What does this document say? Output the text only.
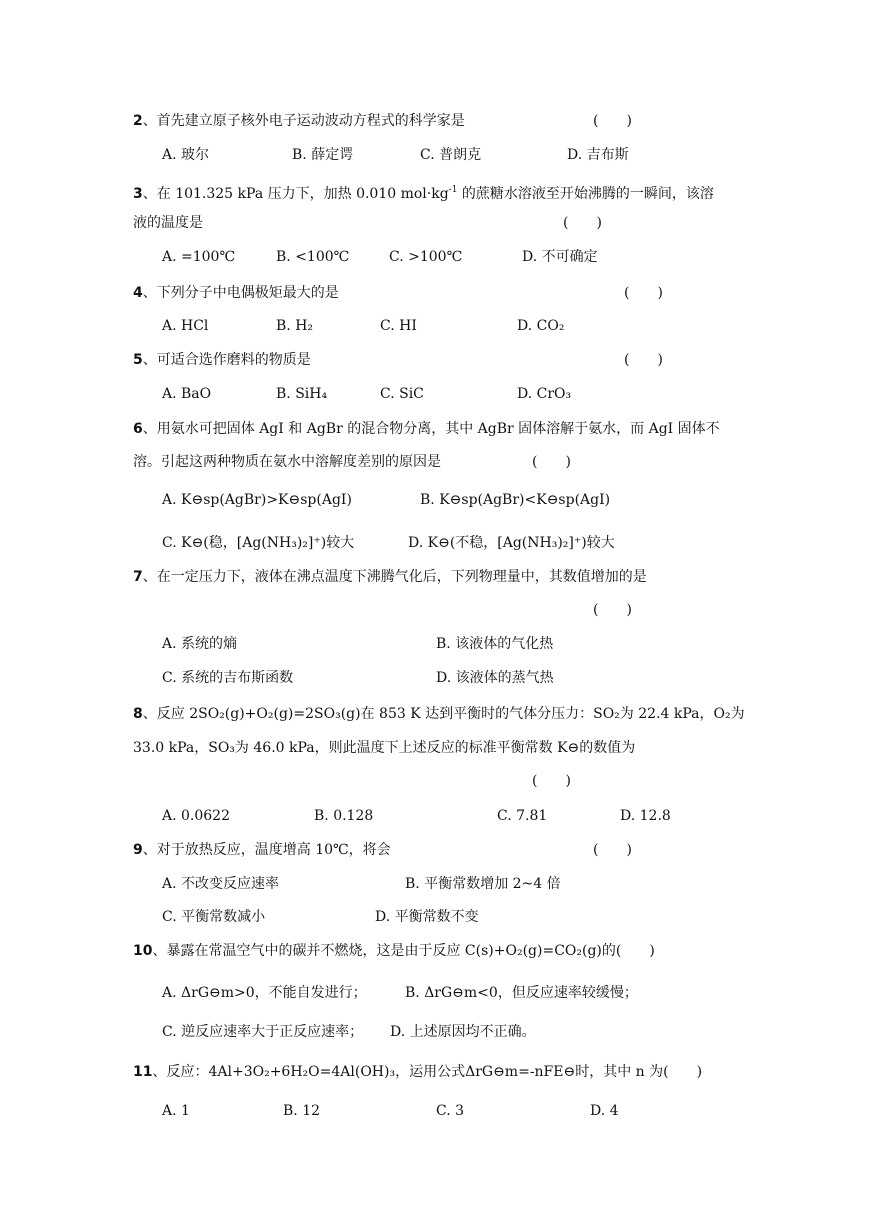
2、首先建立原子核外电子运动波动方程式的科学家是	(　　)
A. 玻尔	B. 薛定谔	C. 普朗克	D. 吉布斯
3、在 101.325 kPa 压力下，加热 0.010 $mol\cdot kg^{-1}$ 的蔗糖水溶液至开始沸腾的一瞬间，该溶
液的温度是	(　　)
A. =100℃	B. <100℃	C. >100℃	D. 不可确定
4、下列分子中电偶极矩最大的是	(　　)
A. HCl	B. H₂	C. HI	D. CO₂
5、可适合选作磨料的物质是	(　　)
A. BaO	B. SiH₄	C. SiC	D. CrO₃
6、用氨水可把固体 AgI 和 AgBr 的混合物分离，其中 AgBr 固体溶解于氨水，而 AgI 固体不
溶。引起这两种物质在氨水中溶解度差别的原因是	(　　)
A. K⊖sp(AgBr)>K⊖sp(AgI)	B. K⊖sp(AgBr)<K⊖sp(AgI)
C. K⊖(稳，[Ag(NH₃)₂]⁺)较大	D. K⊖(不稳，[Ag(NH₃)₂]⁺)较大
7、在一定压力下，液体在沸点温度下沸腾气化后，下列物理量中，其数值增加的是
(　　)
A. 系统的熵	B. 该液体的气化热
C. 系统的吉布斯函数	D. 该液体的蒸气热
8、反应 2SO₂(g)+O₂(g)=2SO₃(g)在 853 K 达到平衡时的气体分压力：SO₂为 22.4 kPa，O₂为
33.0 kPa，SO₃为 46.0 kPa，则此温度下上述反应的标准平衡常数 K⊖的数值为
(　　)
A. 0.0622	B. 0.128	C. 7.81	D. 12.8
9、对于放热反应，温度增高 10℃，将会	(　　)
A. 不改变反应速率	B. 平衡常数增加 2~4 倍
C. 平衡常数减小	D. 平衡常数不变
10、暴露在常温空气中的碳并不燃烧，这是由于反应 C(s)+O₂(g)=CO₂(g)的(　　)
A. ΔrG⊖m>0，不能自发进行；	B. ΔrG⊖m<0，但反应速率较缓慢；
C. 逆反应速率大于正反应速率； D. 上述原因均不正确。
11、反应：4Al+3O₂+6H₂O=4Al(OH)₃，运用公式ΔrG⊖m=-nFE⊖时，其中 n 为(　　)
A. 1	B. 12	C. 3	D. 4
